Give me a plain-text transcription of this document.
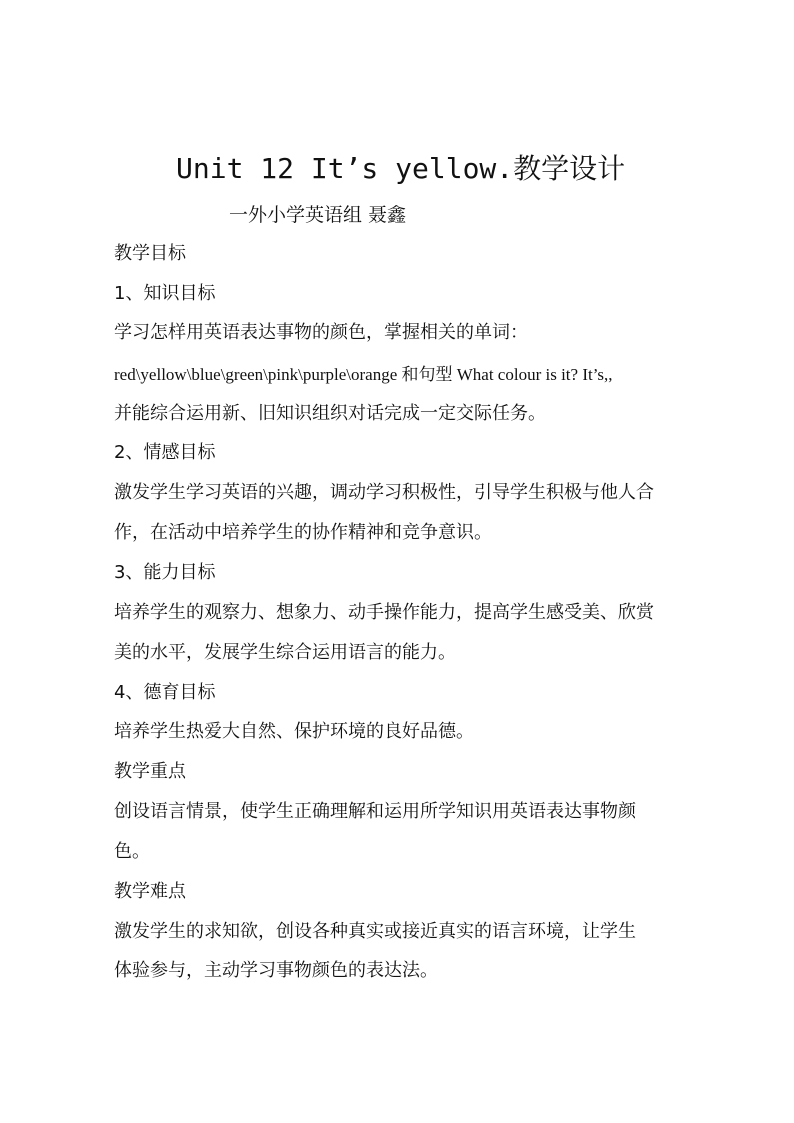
Unit 12 It’s yellow.教学设计
一外小学英语组 聂鑫
教学目标
1、知识目标
学习怎样用英语表达事物的颜色，掌握相关的单词：
red\yellow\blue\green\pink\purple\orange 和句型 What colour is it? It’s,,
并能综合运用新、旧知识组织对话完成一定交际任务。
2、情感目标
激发学生学习英语的兴趣，调动学习积极性，引导学生积极与他人合
作，在活动中培养学生的协作精神和竞争意识。
3、能力目标
培养学生的观察力、想象力、动手操作能力，提高学生感受美、欣赏
美的水平，发展学生综合运用语言的能力。
4、德育目标
培养学生热爱大自然、保护环境的良好品德。
教学重点
创设语言情景，使学生正确理解和运用所学知识用英语表达事物颜
色。
教学难点
激发学生的求知欲，创设各种真实或接近真实的语言环境，让学生
体验参与，主动学习事物颜色的表达法。
